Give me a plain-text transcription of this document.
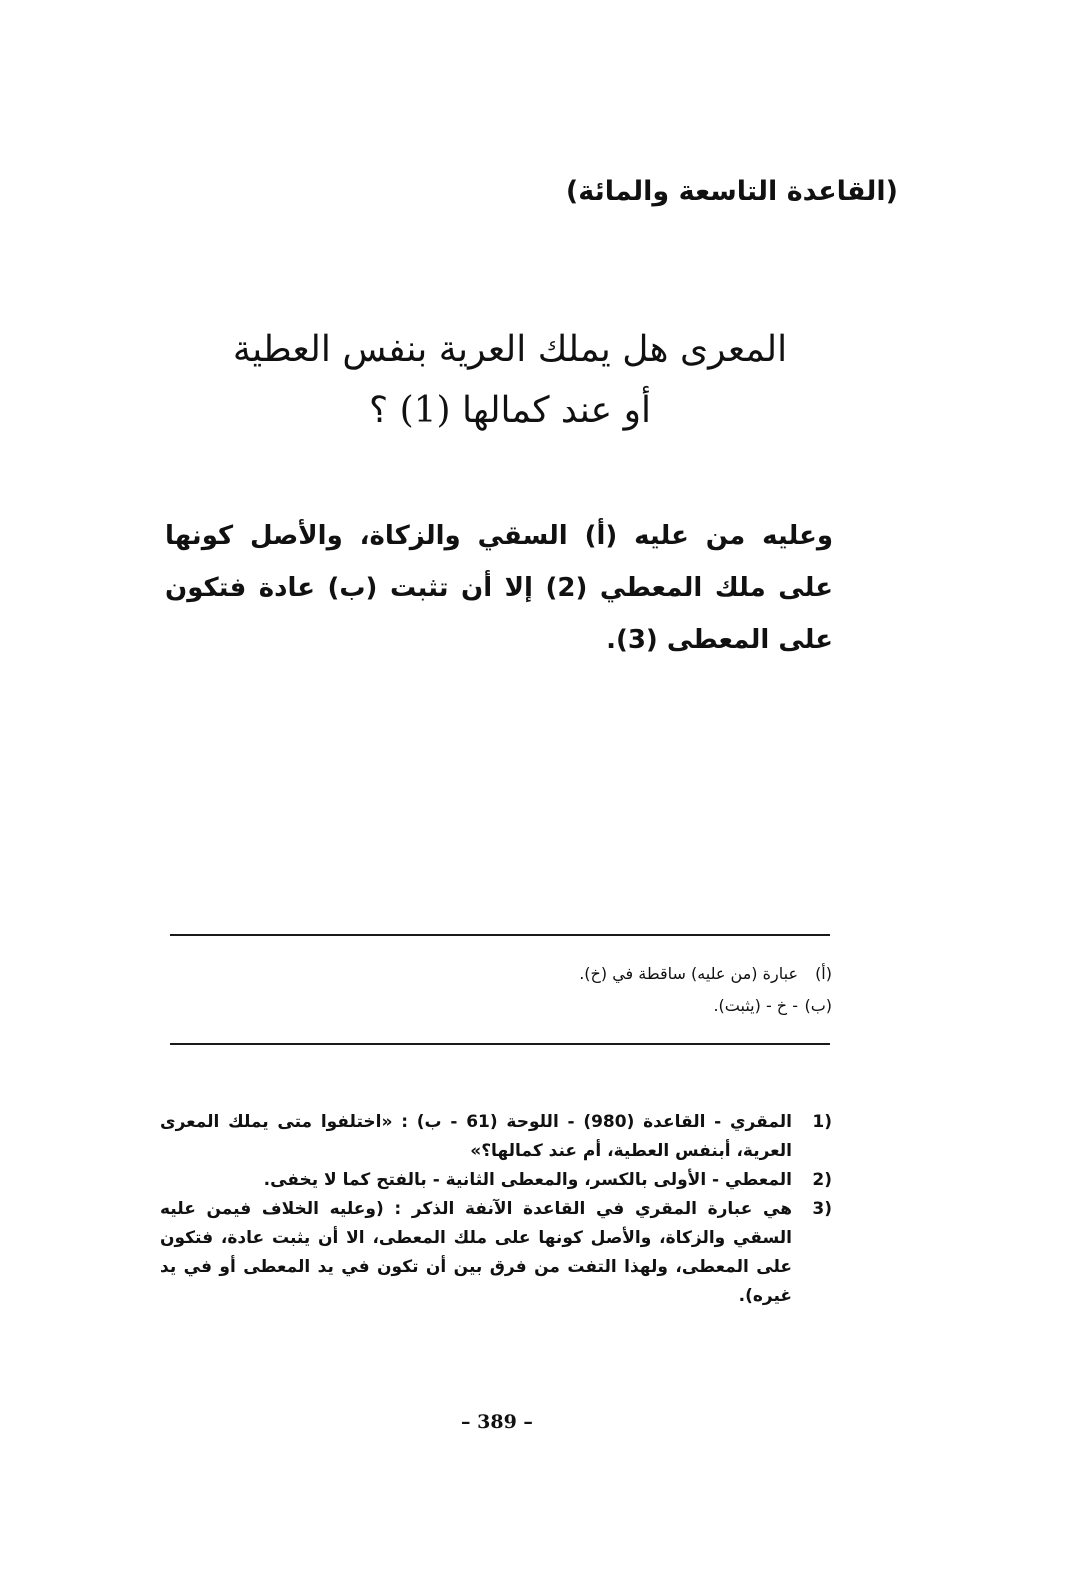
(القاعدة التاسعة والمائة)
المعرى هل يملك العرية بنفس العطية
أو عند كمالها (1) ؟
وعليه من عليه (أ) السقي والزكاة، والأصل كونها على ملك المعطي (2) إلا أن تثبت (ب) عادة فتكون على المعطى (3).
(أ)
عبارة (من عليه) ساقطة في (خ).
(ب)
- خ - (يثبت).
1)
المقري - القاعدة (980) - اللوحة (61 - ب) : «اختلفوا متى يملك المعرى العرية، أبنفس العطية، أم عند كمالها؟»
2)
المعطي - الأولى بالكسر، والمعطى الثانية - بالفتح كما لا يخفى.
3)
هي عبارة المقري في القاعدة الآنفة الذكر : (وعليه الخلاف فيمن عليه السقي والزكاة، والأصل كونها على ملك المعطى، الا أن يثبت عادة، فتكون على المعطى، ولهذا التفت من فرق بين أن تكون في يد المعطى أو في يد غيره).
– 389 –
